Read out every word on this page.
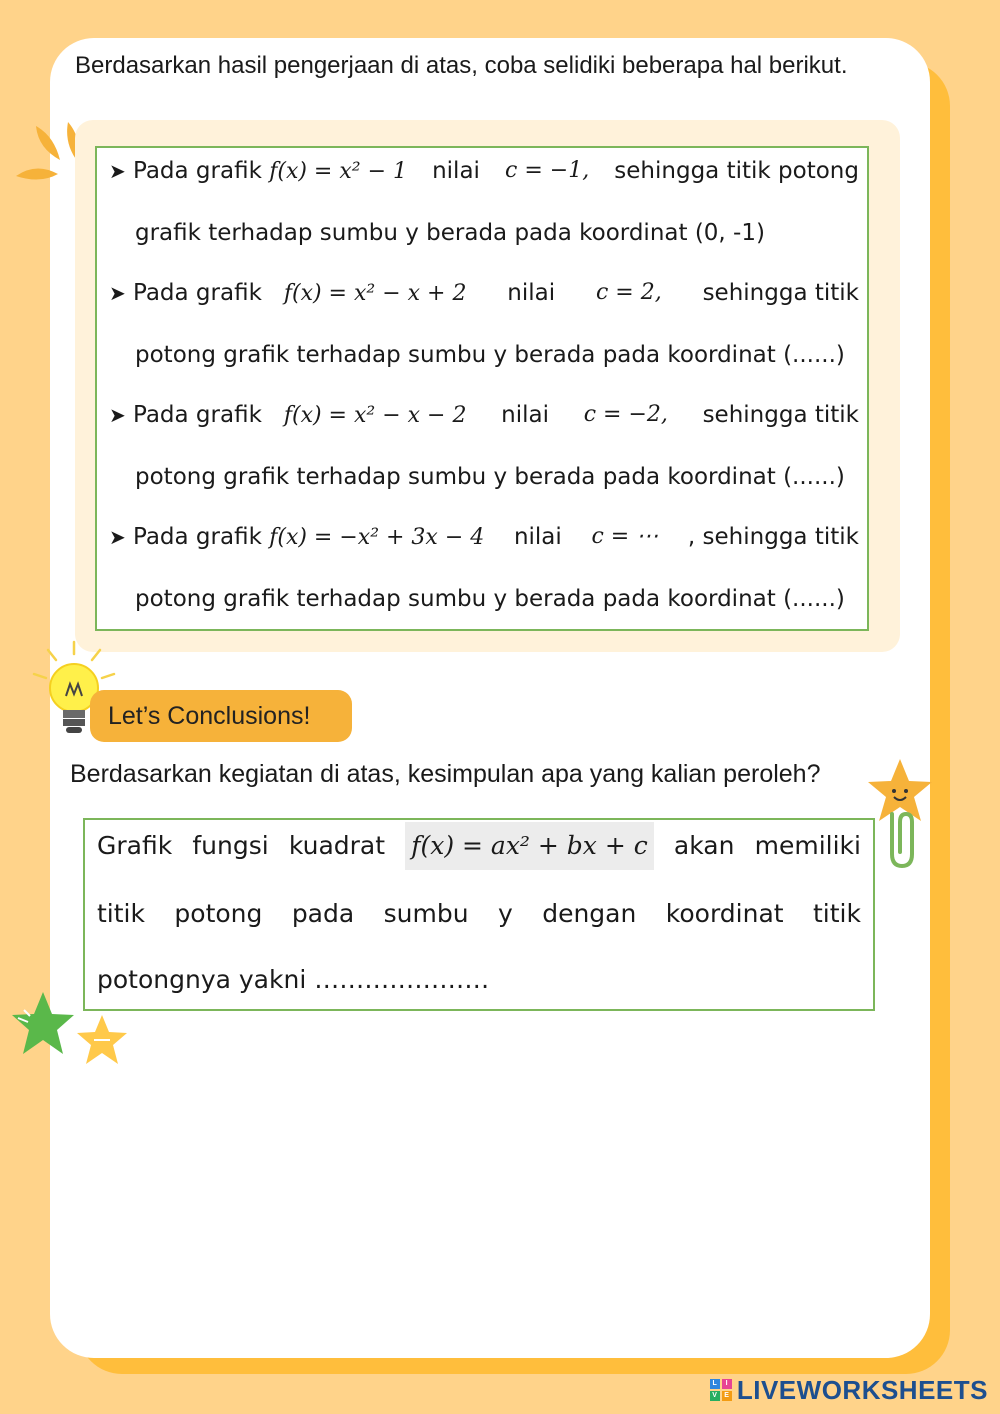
Berdasarkan hasil pengerjaan di atas, coba selidiki beberapa hal berikut.
➤ Pada grafik f(x) = x² − 1 nilai c = −1, sehingga titik potong
grafik terhadap sumbu y berada pada koordinat (0, -1)
➤ Pada grafik f(x) = x² − x + 2 nilai c = 2, sehingga titik
potong grafik terhadap sumbu y berada pada koordinat (......)
➤ Pada grafik f(x) = x² − x − 2 nilai c = −2, sehingga titik
potong grafik terhadap sumbu y berada pada koordinat (......)
➤ Pada grafik f(x) = −x² + 3x − 4 nilai c = ⋯ , sehingga titik
potong grafik terhadap sumbu y berada pada koordinat (......)
Let’s Conclusions!
Berdasarkan kegiatan di atas, kesimpulan apa yang kalian peroleh?
Grafik fungsi kuadrat f(x) = ax² + bx + c akan memiliki
titik potong pada sumbu y dengan koordinat titik
potongnya yakni …………………
L	I
V E LIVEWORKSHEETS
